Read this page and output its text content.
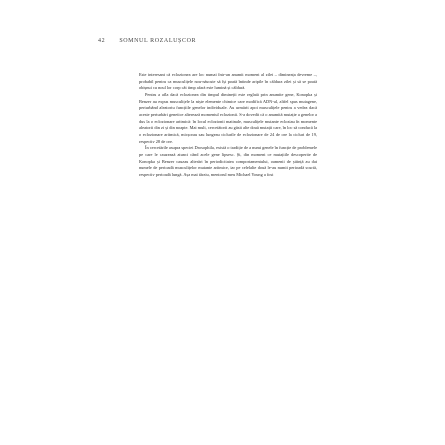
42 SOMNUL ROZALUȘCOR

Este interesant că eclozionea are loc numai într-un anumit moment al zilei – dimineața devreme –, probabil pentru ca musculițele nou-născute să își poată întinde aripile în căldura zilei și să se poată obișnui cu noul lor corp cât timp afară este lumină și căldură.

Pentru a afla dacă eclozionea din timpul dimineții este reglată prin anumite gene, Konopka și Benzer au expus musculițele la niște elemente chimice care modifică ADN-ul, altfel spus mutagene, perturbând aleatoriu funcțiile genelor individuale. Au urmărit apoi musculițele pentru a vedea dacă aceste perturbări genetice alterează momentul eclozionii. S-a dovedit că o anumită mutație a genelor a dus la o eclozionare aritmică: în locul eclozionii matinale, musculițele mutante ecloziau în momente aleatorii din zi și din noapte. Mai mult, cercetătorii au găsit alte două mutații care, în loc să conducă la o eclozionare aritmică, micșorau sau lungeau ciclurile de eclozionare de 24 de ore la cicluri de 19, respectiv 28 de ore.

În cercetările asupra speciei Drosophila, există o tradiție de a numi genele în funcție de problemele pe care le cauzează atunci când acele gene lipsesc. Și, din moment ce mutațiile descoperite de Konopka și Benzer cauzau alterări în periodicitatea comportamentului, oamenii de știință au dat numele de perioadă musculițelor mutante aritmice, iar pe celelalte două le-au numit perioadă scurtă, respectiv perioadă lungă. Așa mai târziu, mentorul meu Michael Young a fost
